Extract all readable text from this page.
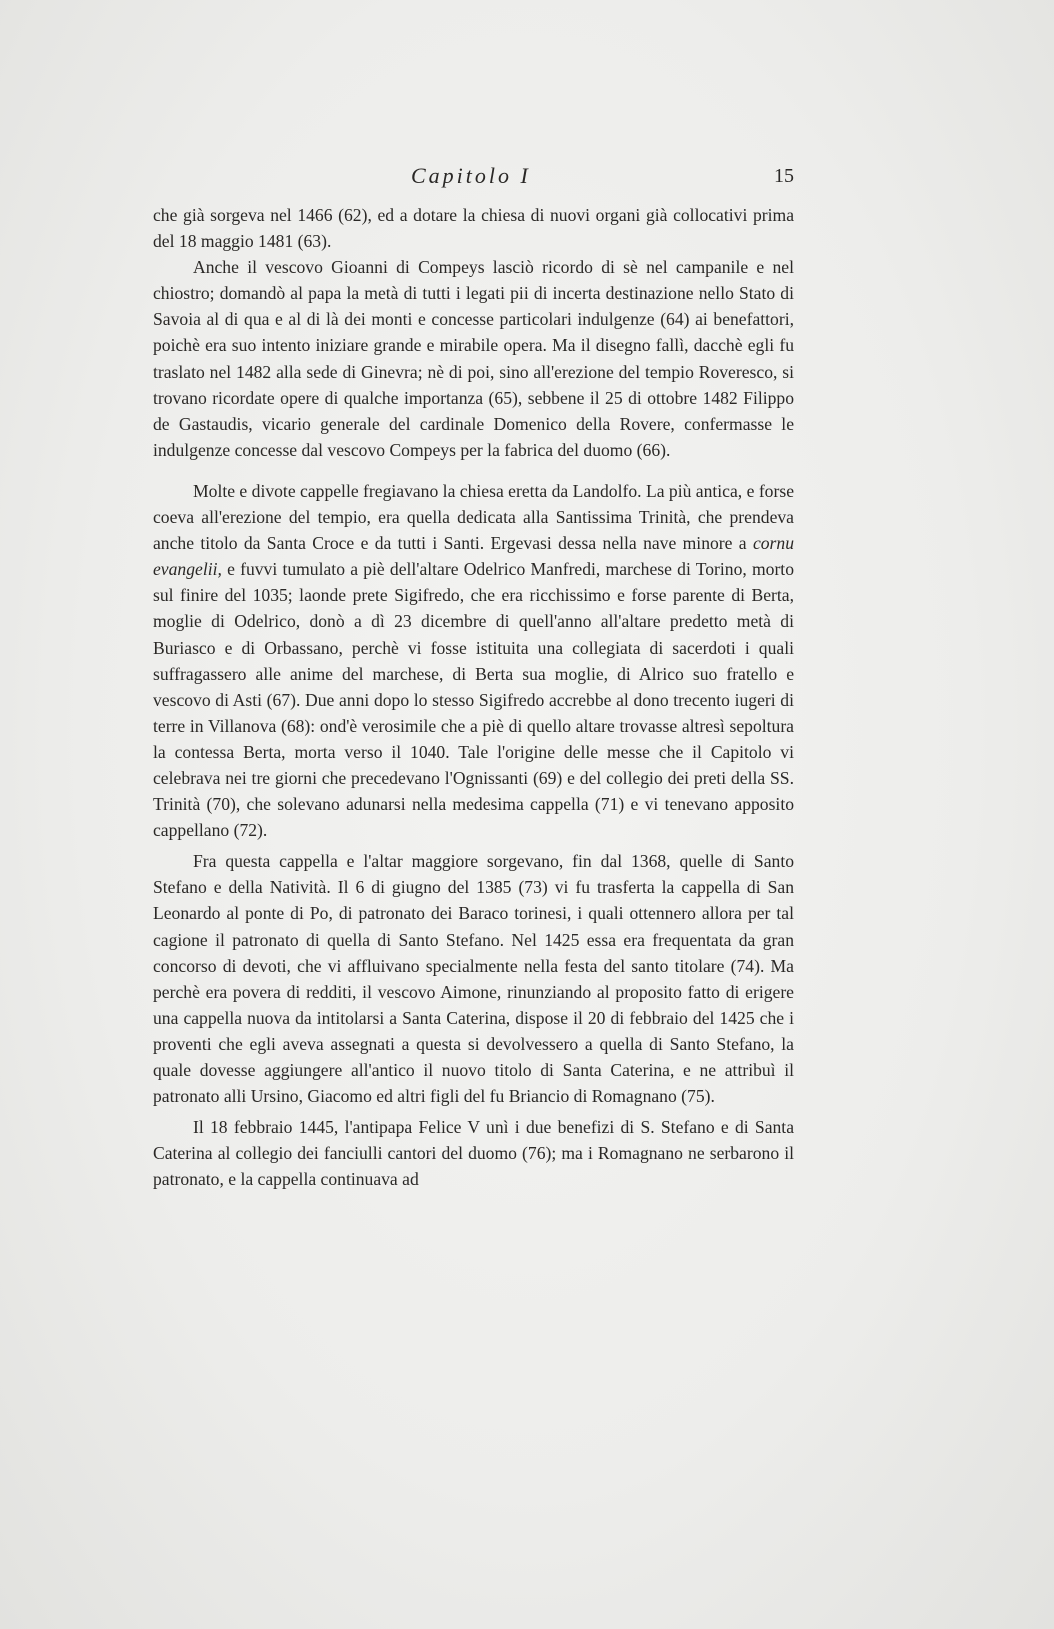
Capitolo I	15

che già sorgeva nel 1466 (62), ed a dotare la chiesa di nuovi organi già collocativi prima del 18 maggio 1481 (63).

Anche il vescovo Gioanni di Compeys lasciò ricordo di sè nel campanile e nel chiostro; domandò al papa la metà di tutti i legati pii di incerta destinazione nello Stato di Savoia al di qua e al di là dei monti e concesse particolari indulgenze (64) ai benefattori, poichè era suo intento iniziare grande e mirabile opera. Ma il disegno fallì, dacchè egli fu traslato nel 1482 alla sede di Ginevra; nè di poi, sino all'erezione del tempio Roveresco, si trovano ricordate opere di qualche importanza (65), sebbene il 25 di ottobre 1482 Filippo de Gastaudis, vicario generale del cardinale Domenico della Rovere, confermasse le indulgenze concesse dal vescovo Compeys per la fabrica del duomo (66).

Molte e divote cappelle fregiavano la chiesa eretta da Landolfo. La più antica, e forse coeva all'erezione del tempio, era quella dedicata alla Santissima Trinità, che prendeva anche titolo da Santa Croce e da tutti i Santi. Ergevasi dessa nella nave minore a cornu evangelii, e fuvvi tumulato a piè dell'altare Odelrico Manfredi, marchese di Torino, morto sul finire del 1035; laonde prete Sigifredo, che era ricchissimo e forse parente di Berta, moglie di Odelrico, donò a dì 23 dicembre di quell'anno all'altare predetto metà di Buriasco e di Orbassano, perchè vi fosse istituita una collegiata di sacerdoti i quali suffragassero alle anime del marchese, di Berta sua moglie, di Alrico suo fratello e vescovo di Asti (67). Due anni dopo lo stesso Sigifredo accrebbe al dono trecento iugeri di terre in Villanova (68): ond'è verosimile che a piè di quello altare trovasse altresì sepoltura la contessa Berta, morta verso il 1040. Tale l'origine delle messe che il Capitolo vi celebrava nei tre giorni che precedevano l'Ognissanti (69) e del collegio dei preti della SS. Trinità (70), che solevano adunarsi nella medesima cappella (71) e vi tenevano apposito cappellano (72).

Fra questa cappella e l'altar maggiore sorgevano, fin dal 1368, quelle di Santo Stefano e della Natività. Il 6 di giugno del 1385 (73) vi fu trasferta la cappella di San Leonardo al ponte di Po, di patronato dei Baraco torinesi, i quali ottennero allora per tal cagione il patronato di quella di Santo Stefano. Nel 1425 essa era frequentata da gran concorso di devoti, che vi affluivano specialmente nella festa del santo titolare (74). Ma perchè era povera di redditi, il vescovo Aimone, rinunziando al proposito fatto di erigere una cappella nuova da intitolarsi a Santa Caterina, dispose il 20 di febbraio del 1425 che i proventi che egli aveva assegnati a questa si devolvessero a quella di Santo Stefano, la quale dovesse aggiungere all'antico il nuovo titolo di Santa Caterina, e ne attribuì il patronato alli Ursino, Giacomo ed altri figli del fu Briancio di Romagnano (75).

Il 18 febbraio 1445, l'antipapa Felice V unì i due benefizi di S. Stefano e di Santa Caterina al collegio dei fanciulli cantori del duomo (76); ma i Romagnano ne serbarono il patronato, e la cappella continuava ad
